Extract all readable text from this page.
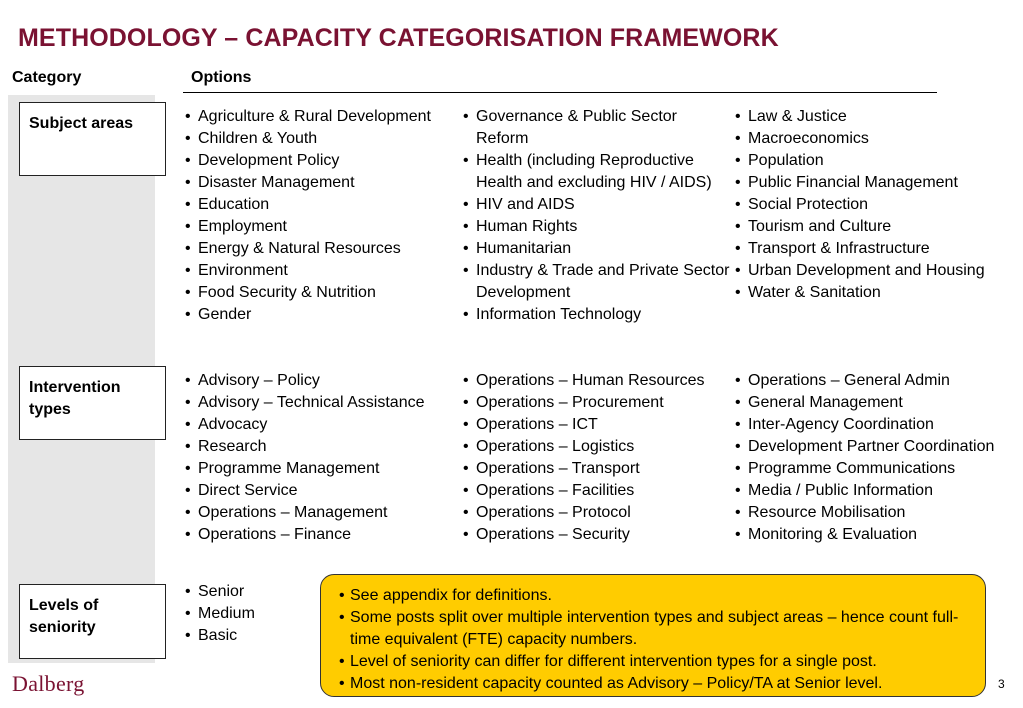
METHODOLOGY – CAPACITY CATEGORISATION FRAMEWORK
Category	Options
Subject areas
•	Agriculture & Rural Development
• Children & Youth
• Development Policy
• Disaster Management
• Education
• Employment
• Energy & Natural Resources
• Environment
• Food Security & Nutrition
• Gender
• Governance & Public Sector Reform
• Health (including Reproductive Health and excluding HIV / AIDS)
• HIV and AIDS
• Human Rights
• Humanitarian
• Industry & Trade and Private Sector Development
• Information Technology
• Law & Justice
• Macroeconomics
• Population
• Public Financial Management
• Social Protection
• Tourism and Culture
• Transport & Infrastructure
• Urban Development and Housing
• Water & Sanitation
Intervention types
• Advisory – Policy
• Advisory – Technical Assistance
• Advocacy
• Research
• Programme Management
• Direct Service
• Operations – Management
• Operations – Finance
• Operations – Human Resources
• Operations – Procurement
• Operations – ICT
• Operations – Logistics
• Operations – Transport
• Operations – Facilities
• Operations – Protocol
• Operations – Security
• Operations – General Admin
• General Management
• Inter-Agency Coordination
• Development Partner Coordination
• Programme Communications
• Media / Public Information
• Resource Mobilisation
• Monitoring & Evaluation
Levels of seniority
• Senior
• Medium
• Basic
• See appendix for definitions.
• Some posts split over multiple intervention types and subject areas – hence count full-time equivalent (FTE) capacity numbers.
• Level of seniority can differ for different intervention types for a single post.
• Most non-resident capacity counted as Advisory – Policy/TA at Senior level.
Dalberg	3
